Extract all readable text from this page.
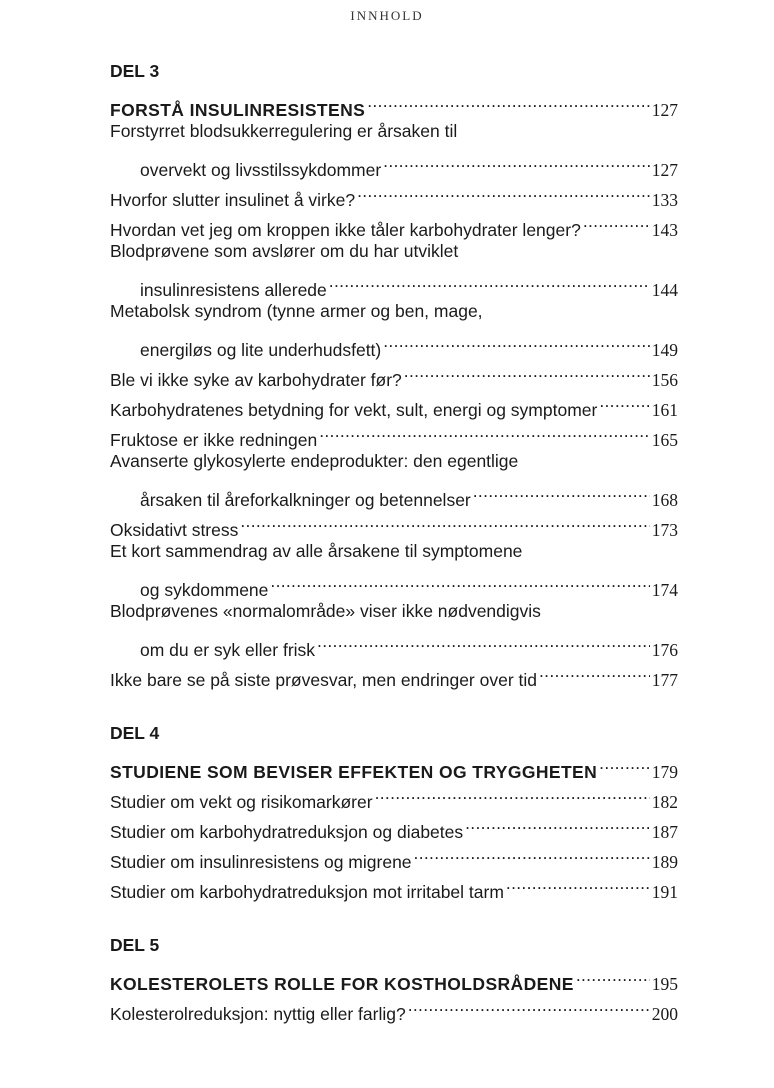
INNHOLD
DEL 3
FORSTÅ INSULINRESISTENS .....	127
Forstyrret blodsukkerregulering er årsaken til
overvekt og livsstilssykdommer .....	127
Hvorfor slutter insulinet å virke? .....	133
Hvordan vet jeg om kroppen ikke tåler karbohydrater lenger? .....	143
Blodprøvene som avslører om du har utviklet
insulinresistens allerede .....	144
Metabolsk syndrom (tynne armer og ben, mage,
energiløs og lite underhudsfett) .....	149
Ble vi ikke syke av karbohydrater før? .....	156
Karbohydratenes betydning for vekt, sult, energi og symptomer .....	161
Fruktose er ikke redningen .....	165
Avanserte glykosylerte endeprodukter: den egentlige
årsaken til åreforkalkninger og betennelser .....	168
Oksidativt stress .....	173
Et kort sammendrag av alle årsakene til symptomene
og sykdommene .....	174
Blodprøvenes «normalområde» viser ikke nødvendigvis
om du er syk eller frisk .....	176
Ikke bare se på siste prøvesvar, men endringer over tid .....	177
DEL 4
STUDIENE SOM BEVISER EFFEKTEN OG TRYGGHETEN .....	179
Studier om vekt og risikomarkører .....	182
Studier om karbohydratreduksjon og diabetes .....	187
Studier om insulinresistens og migrene .....	189
Studier om karbohydratreduksjon mot irritabel tarm .....	191
DEL 5
KOLESTEROLETS ROLLE FOR KOSTHOLDSRÅDENE .....	195
Kolesterolreduksjon: nyttig eller farlig? .....	200
